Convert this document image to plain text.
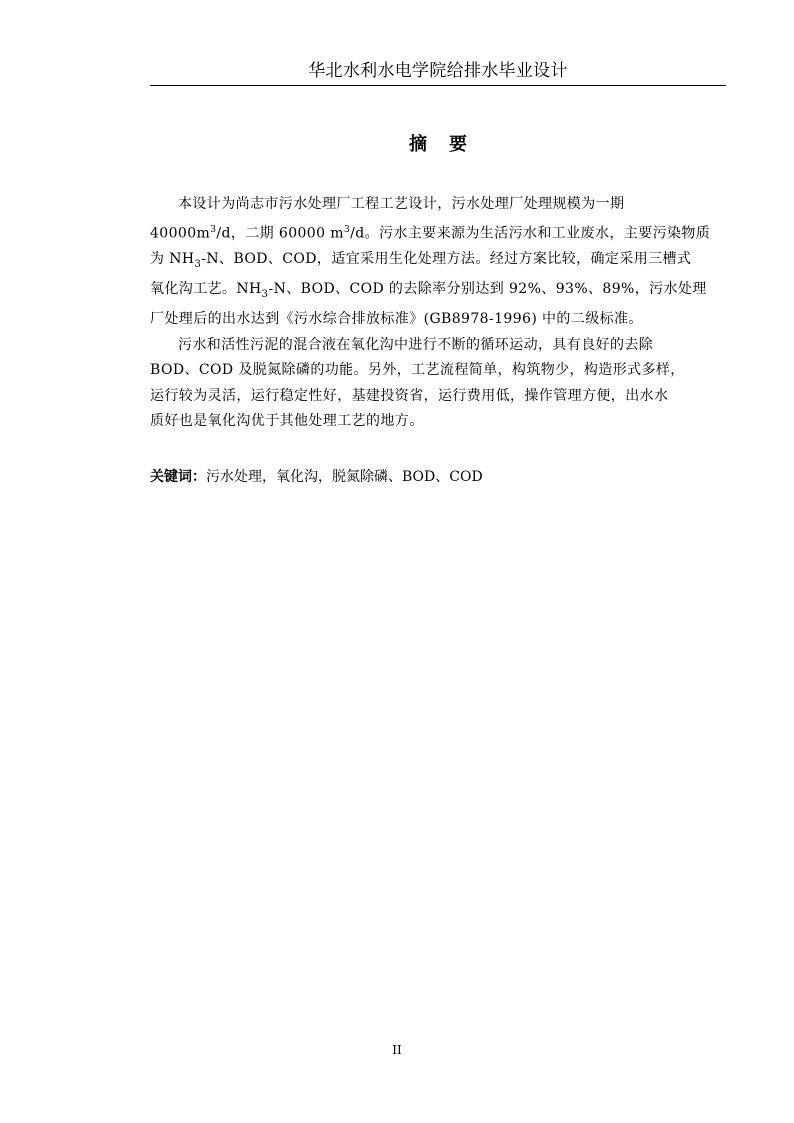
华北水利水电学院给排水毕业设计
摘 要

本设计为尚志市污水处理厂工程工艺设计，污水处理厂处理规模为一期
$40000m^3/d$，二期 60000 $m^3/d$。污水主要来源为生活污水和工业废水，主要污染物质
为 $NH_3-N$、BOD、COD，适宜采用生化处理方法。经过方案比较，确定采用三槽式
氧化沟工艺。$NH_3-N$、BOD、COD 的去除率分别达到 92%、93%、89%，污水处理
厂处理后的出水达到《污水综合排放标准》(GB8978-1996) 中的二级标准。

污水和活性污泥的混合液在氧化沟中进行不断的循环运动，具有良好的去除
BOD、COD 及脱氮除磷的功能。另外，工艺流程简单，构筑物少，构造形式多样，
运行较为灵活，运行稳定性好，基建投资省，运行费用低，操作管理方便，出水水
质好也是氧化沟优于其他处理工艺的地方。

关键词：污水处理，氧化沟，脱氮除磷、BOD、COD
II
